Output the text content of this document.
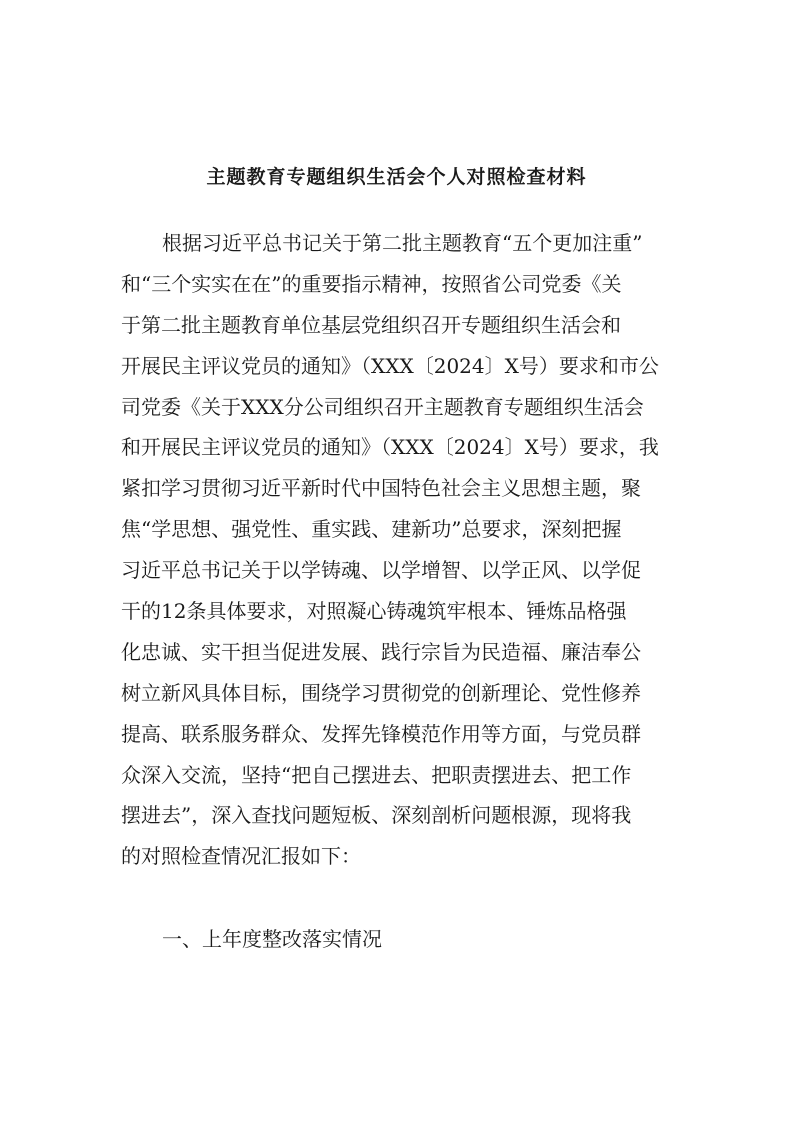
主题教育专题组织生活会个人对照检查材料
根据习近平总书记关于第二批主题教育“五个更加注重”
和“三个实实在在”的重要指示精神，按照省公司党委《关
于第二批主题教育单位基层党组织召开专题组织生活会和
开展民主评议党员的通知》（XXX〔2024〕X号）要求和市公
司党委《关于XXX分公司组织召开主题教育专题组织生活会
和开展民主评议党员的通知》（XXX〔2024〕X号）要求，我
紧扣学习贯彻习近平新时代中国特色社会主义思想主题，聚
焦“学思想、强党性、重实践、建新功”总要求，深刻把握
习近平总书记关于以学铸魂、以学增智、以学正风、以学促
干的12条具体要求，对照凝心铸魂筑牢根本、锤炼品格强
化忠诚、实干担当促进发展、践行宗旨为民造福、廉洁奉公
树立新风具体目标，围绕学习贯彻党的创新理论、党性修养
提高、联系服务群众、发挥先锋模范作用等方面，与党员群
众深入交流，坚持“把自己摆进去、把职责摆进去、把工作
摆进去”，深入查找问题短板、深刻剖析问题根源，现将我
的对照检查情况汇报如下：
一、上年度整改落实情况
